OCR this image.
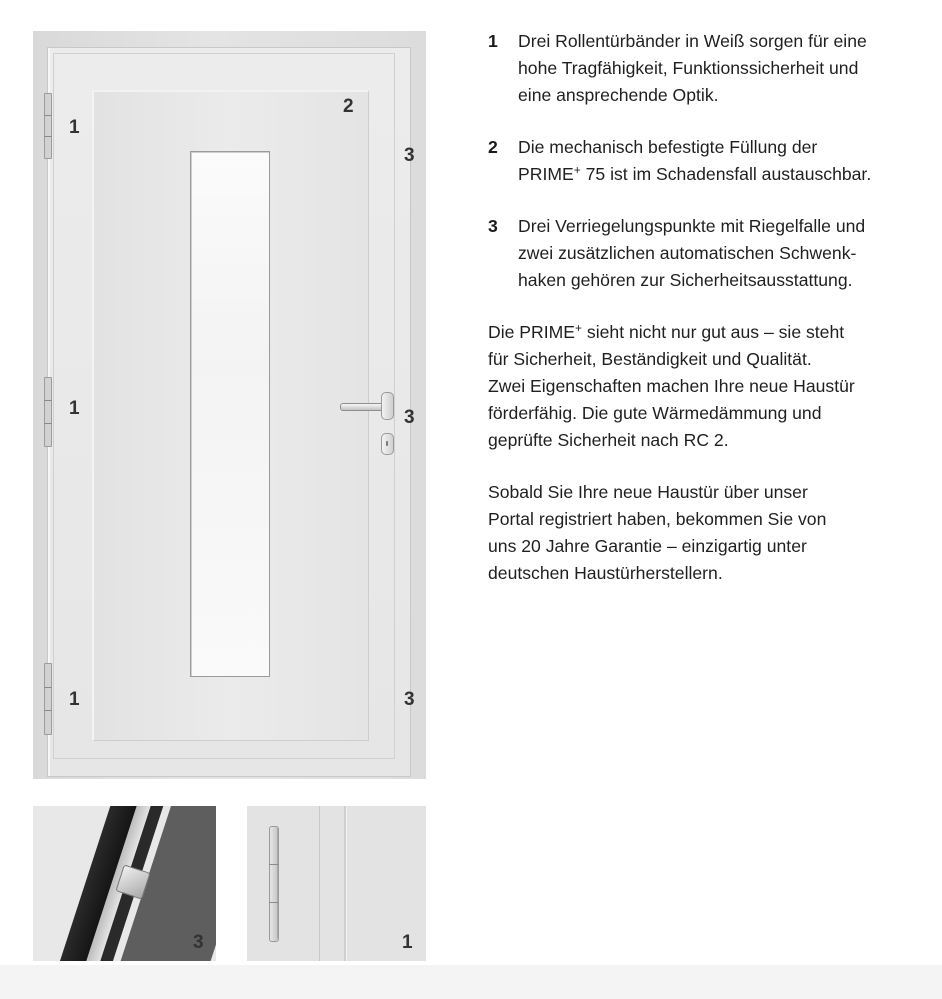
1
1
1
2
3
3
3
3	1
1 Drei Rollentürbänder in Weiß sorgen für eine
hohe Tragfähigkeit, Funktionssicherheit und
eine ansprechende Optik.
2 Die mechanisch befestigte Füllung der
PRIME+ 75 ist im Schadensfall austauschbar.
3 Drei Verriegelungspunkte mit Riegelfalle und
zwei zusätzlichen automatischen Schwenk-
haken gehören zur Sicherheitsausstattung.
Die PRIME+ sieht nicht nur gut aus – sie steht
für Sicherheit, Beständigkeit und Qualität.
Zwei Eigenschaften machen Ihre neue Haustür
förderfähig. Die gute Wärmedämmung und
geprüfte Sicherheit nach RC 2.
Sobald Sie Ihre neue Haustür über unser
Portal registriert haben, bekommen Sie von
uns 20 Jahre Garantie – einzigartig unter
deutschen Haustürherstellern.
